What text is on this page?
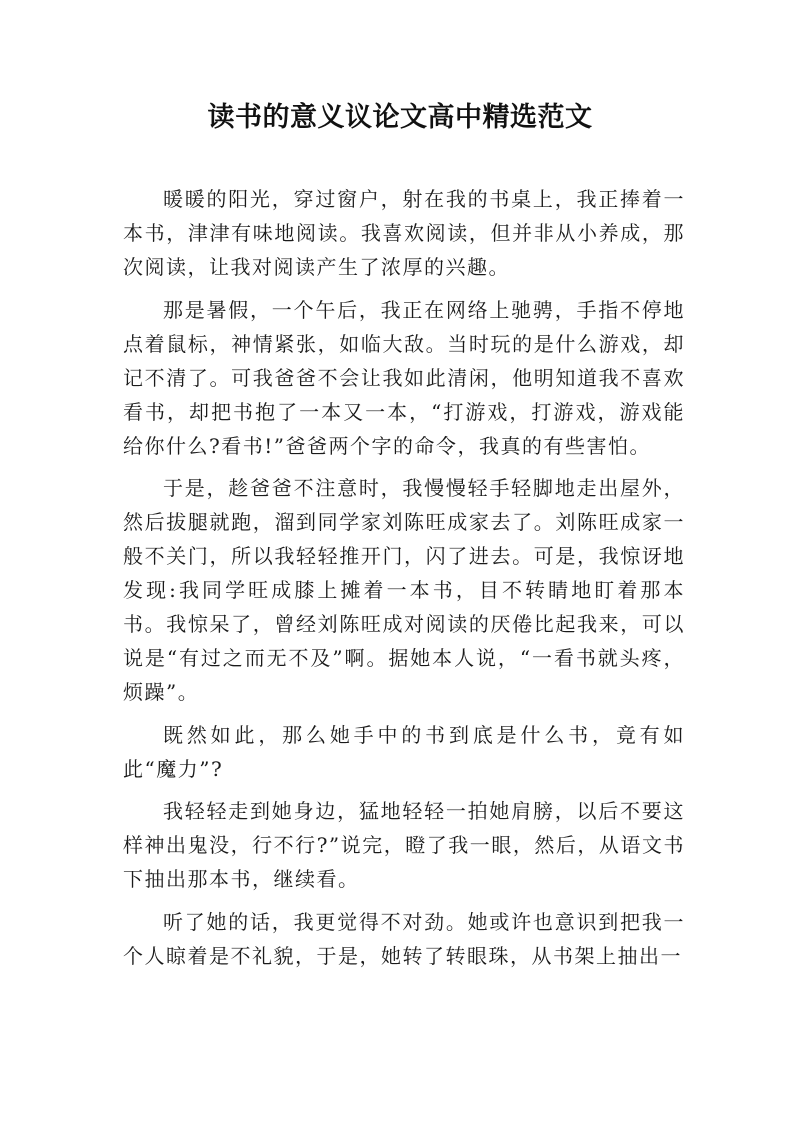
读书的意义议论文高中精选范文

暖暖的阳光，穿过窗户，射在我的书桌上，我正捧着一本书，津津有味地阅读。我喜欢阅读，但并非从小养成，那次阅读，让我对阅读产生了浓厚的兴趣。

那是暑假，一个午后，我正在网络上驰骋，手指不停地点着鼠标，神情紧张，如临大敌。当时玩的是什么游戏，却记不清了。可我爸爸不会让我如此清闲，他明知道我不喜欢看书，却把书抱了一本又一本，“打游戏，打游戏，游戏能给你什么?看书!”爸爸两个字的命令，我真的有些害怕。

于是，趁爸爸不注意时，我慢慢轻手轻脚地走出屋外，然后拔腿就跑，溜到同学家刘陈旺成家去了。刘陈旺成家一般不关门，所以我轻轻推开门，闪了进去。可是，我惊讶地发现:我同学旺成膝上摊着一本书，目不转睛地盯着那本书。我惊呆了，曾经刘陈旺成对阅读的厌倦比起我来，可以说是“有过之而无不及”啊。据她本人说，“一看书就头疼，烦躁”。

既然如此，那么她手中的书到底是什么书，竟有如此“魔力”?

我轻轻走到她身边，猛地轻轻一拍她肩膀，以后不要这样神出鬼没，行不行?”说完，瞪了我一眼，然后，从语文书下抽出那本书，继续看。

听了她的话，我更觉得不对劲。她或许也意识到把我一个人晾着是不礼貌，于是，她转了转眼珠，从书架上抽出一
